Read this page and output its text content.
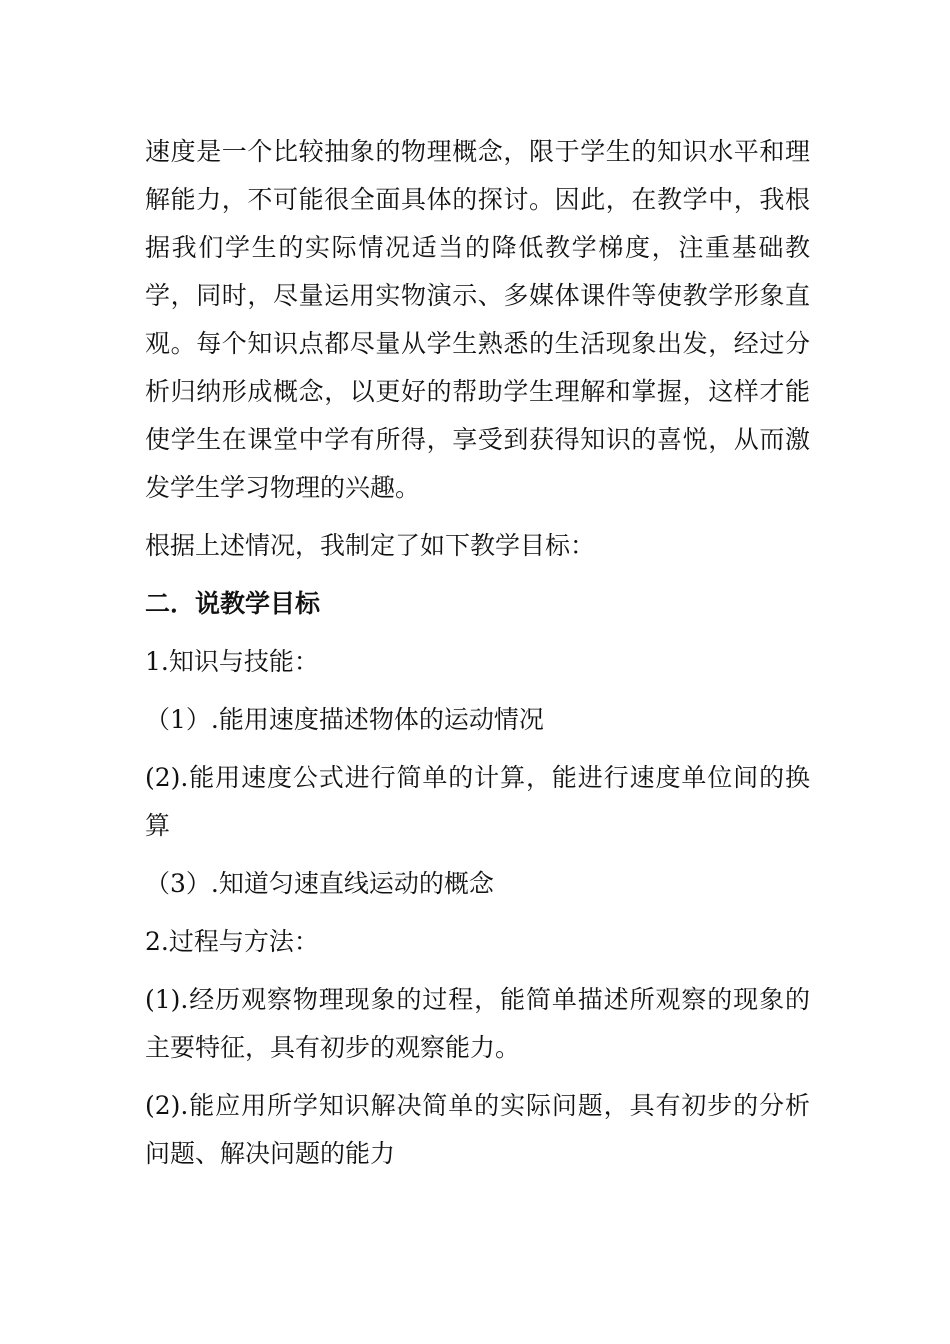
速度是一个比较抽象的物理概念，限于学生的知识水平和理解能力，不可能很全面具体的探讨。因此，在教学中，我根据我们学生的实际情况适当的降低教学梯度，注重基础教学，同时，尽量运用实物演示、多媒体课件等使教学形象直观。每个知识点都尽量从学生熟悉的生活现象出发，经过分析归纳形成概念，以更好的帮助学生理解和掌握，这样才能使学生在课堂中学有所得，享受到获得知识的喜悦，从而激发学生学习物理的兴趣。

根据上述情况，我制定了如下教学目标：

二．说教学目标

1.知识与技能：

（1）.能用速度描述物体的运动情况

(2).能用速度公式进行简单的计算，能进行速度单位间的换算

（3）.知道匀速直线运动的概念

2.过程与方法：

(1).经历观察物理现象的过程，能简单描述所观察的现象的主要特征，具有初步的观察能力。

(2).能应用所学知识解决简单的实际问题，具有初步的分析问题、解决问题的能力
